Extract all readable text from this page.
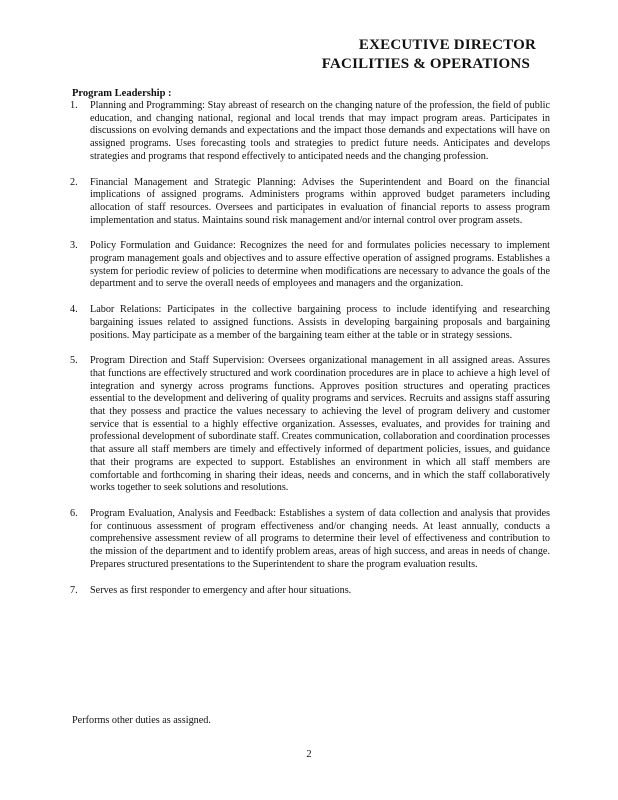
EXECUTIVE DIRECTOR
FACILITIES & OPERATIONS
Program Leadership :
1. Planning and Programming: Stay abreast of research on the changing nature of the profession, the field of public education, and changing national, regional and local trends that may impact program areas. Participates in discussions on evolving demands and expectations and the impact those demands and expectations will have on assigned programs. Uses forecasting tools and strategies to predict future needs. Anticipates and develops strategies and programs that respond effectively to anticipated needs and the changing profession.
2. Financial Management and Strategic Planning: Advises the Superintendent and Board on the financial implications of assigned programs. Administers programs within approved budget parameters including allocation of staff resources. Oversees and participates in evaluation of financial reports to assess program implementation and status. Maintains sound risk management and/or internal control over program assets.
3. Policy Formulation and Guidance: Recognizes the need for and formulates policies necessary to implement program management goals and objectives and to assure effective operation of assigned programs. Establishes a system for periodic review of policies to determine when modifications are necessary to advance the goals of the department and to serve the overall needs of employees and managers and the organization.
4. Labor Relations: Participates in the collective bargaining process to include identifying and researching bargaining issues related to assigned functions. Assists in developing bargaining proposals and bargaining positions. May participate as a member of the bargaining team either at the table or in strategy sessions.
5. Program Direction and Staff Supervision: Oversees organizational management in all assigned areas. Assures that functions are effectively structured and work coordination procedures are in place to achieve a high level of integration and synergy across programs functions. Approves position structures and operating practices essential to the development and delivering of quality programs and services. Recruits and assigns staff assuring that they possess and practice the values necessary to achieving the level of program delivery and customer service that is essential to a highly effective organization. Assesses, evaluates, and provides for training and professional development of subordinate staff. Creates communication, collaboration and coordination processes that assure all staff members are timely and effectively informed of department policies, issues, and guidance that their programs are expected to support. Establishes an environment in which all staff members are comfortable and forthcoming in sharing their ideas, needs and concerns, and in which the staff collaboratively works together to seek solutions and resolutions.
6. Program Evaluation, Analysis and Feedback: Establishes a system of data collection and analysis that provides for continuous assessment of program effectiveness and/or changing needs. At least annually, conducts a comprehensive assessment review of all programs to determine their level of effectiveness and contribution to the mission of the department and to identify problem areas, areas of high success, and areas in needs of change. Prepares structured presentations to the Superintendent to share the program evaluation results.
7. Serves as first responder to emergency and after hour situations.
Performs other duties as assigned.
2
